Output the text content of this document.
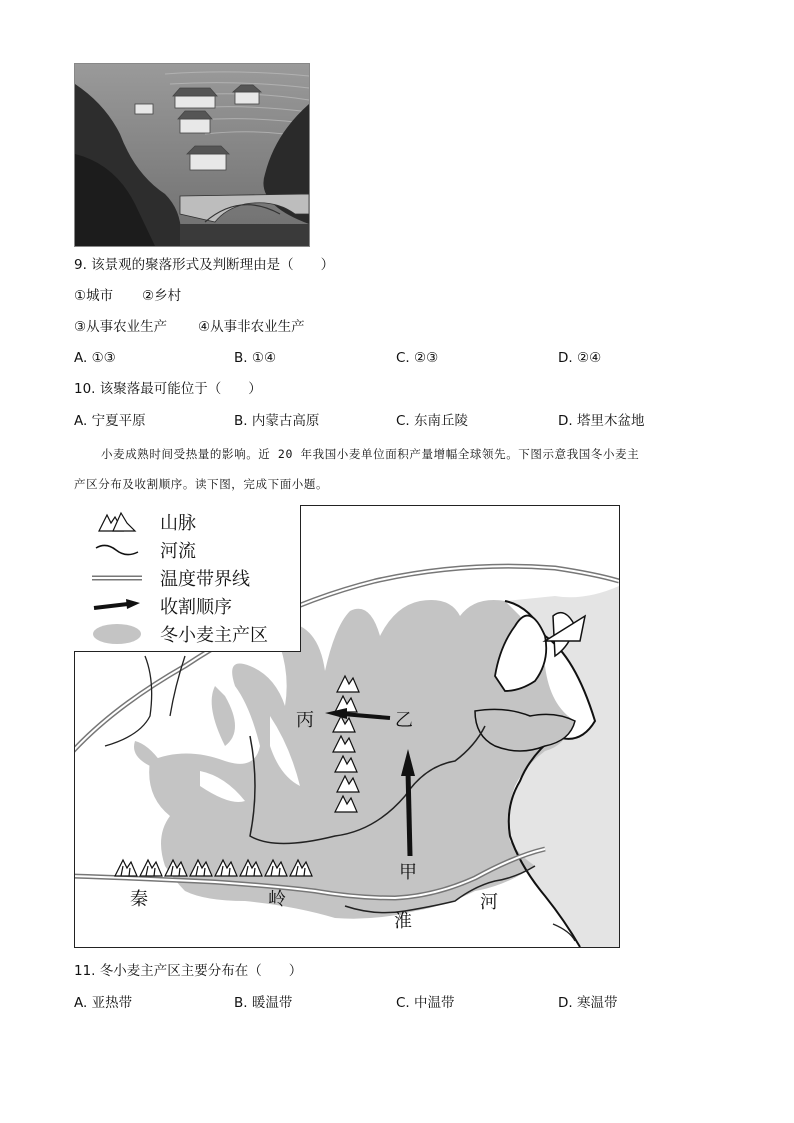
9. 该景观的聚落形式及判断理由是（　　）
①城市 ②乡村
③从事农业生产 ④从事非农业生产
A. ①③	B. ①④	C. ②③	D. ②④
10. 该聚落最可能位于（　　）
A. 宁夏平原	B. 内蒙古高原	C. 东南丘陵	D. 塔里木盆地
小麦成熟时间受热量的影响。近 20 年我国小麦单位面积产量增幅全球领先。下图示意我国冬小麦主
产区分布及收割顺序。读下图，完成下面小题。
丙	乙
甲
秦	岭
淮
河
山脉
河流
温度带界线
收割顺序
冬小麦主产区
11. 冬小麦主产区主要分布在（　　）
A. 亚热带	B. 暖温带	C. 中温带	D. 寒温带
